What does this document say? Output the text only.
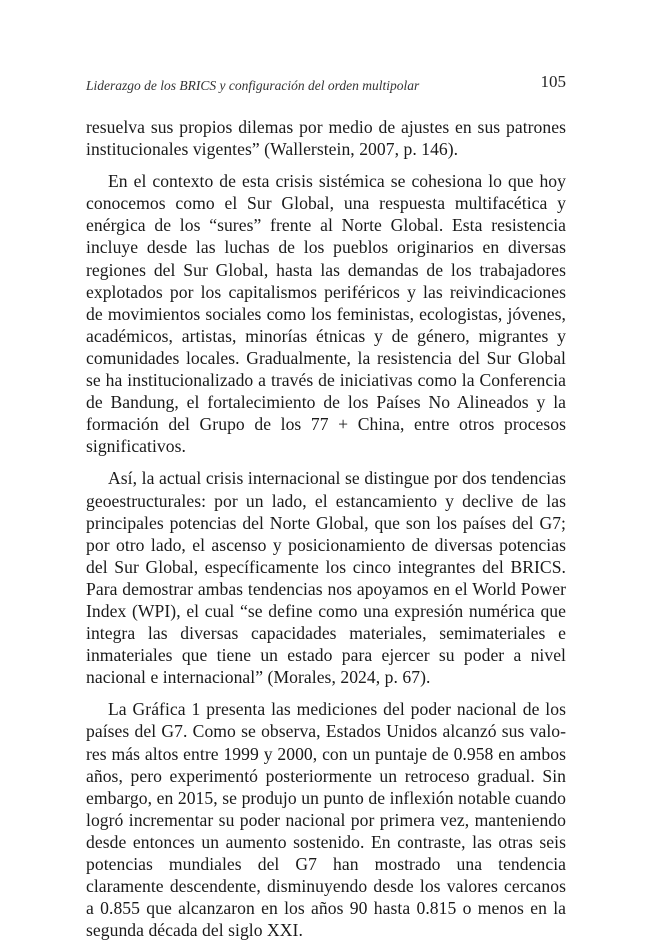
Liderazgo de los BRICS y configuración del orden multipolar	105

resuelva sus propios dilemas por medio de ajustes en sus patrones institucionales vigentes” (Wallerstein, 2007, p. 146).

En el contexto de esta crisis sistémica se cohesiona lo que hoy conocemos como el Sur Global, una respuesta multifacética y enérgica de los “sures” frente al Norte Global. Esta resistencia incluye desde las luchas de los pueblos originarios en diversas regiones del Sur Global, hasta las demandas de los trabajadores explotados por los capitalismos periféricos y las reivindicaciones de movimientos sociales como los feministas, ecologistas, jóvenes, académicos, artistas, minorías étnicas y de género, migrantes y comunidades locales. Gradualmente, la resistencia del Sur Global se ha institucionalizado a través de iniciativas como la Conferencia de Bandung, el fortalecimiento de los Países No Alineados y la formación del Grupo de los 77 + China, entre otros procesos significativos.

Así, la actual crisis internacional se distingue por dos tendencias geoestructurales: por un lado, el estancamiento y declive de las principales potencias del Norte Global, que son los países del G7; por otro lado, el ascenso y posicionamiento de diversas potencias del Sur Global, específicamente los cinco integrantes del BRICS. Para demostrar ambas tendencias nos apoyamos en el World Power Index (WPI), el cual “se define como una expresión numérica que integra las diversas capacidades materiales, semimateriales e inmateriales que tiene un estado para ejercer su poder a nivel nacional e internacional” (Morales, 2024, p. 67).

La Gráfica 1 presenta las mediciones del poder nacional de los países del G7. Como se observa, Estados Unidos alcanzó sus valores más altos entre 1999 y 2000, con un puntaje de 0.958 en ambos años, pero experimentó posteriormente un retroceso gradual. Sin embargo, en 2015, se produjo un punto de inflexión notable cuando logró incrementar su poder nacional por primera vez, manteniendo desde entonces un aumento sostenido. En contraste, las otras seis potencias mundiales del G7 han mostrado una tendencia claramente descendente, disminuyendo desde los valores cercanos a 0.855 que alcanzaron en los años 90 hasta 0.815 o menos en la segunda década del siglo XXI.
